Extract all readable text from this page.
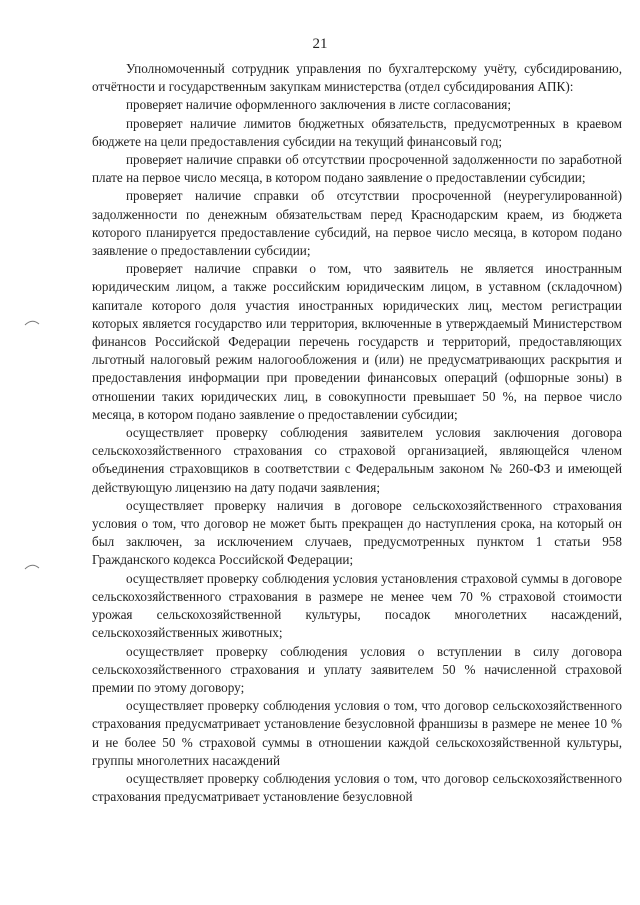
21

Уполномоченный сотрудник управления по бухгалтерскому учёту, субсидированию, отчётности и государственным закупкам министерства (отдел субсидирования АПК):

проверяет наличие оформленного заключения в листе согласования;

проверяет наличие лимитов бюджетных обязательств, предусмотренных в краевом бюджете на цели предоставления субсидии на текущий финансовый год;

проверяет наличие справки об отсутствии просроченной задолженности по заработной плате на первое число месяца, в котором подано заявление о предоставлении субсидии;

проверяет наличие справки об отсутствии просроченной (неурегулированной) задолженности по денежным обязательствам перед Краснодарским краем, из бюджета которого планируется предоставление субсидий, на первое число месяца, в котором подано заявление о предоставлении субсидии;

проверяет наличие справки о том, что заявитель не является иностранным юридическим лицом, а также российским юридическим лицом, в уставном (складочном) капитале которого доля участия иностранных юридических лиц, местом регистрации которых является государство или территория, включенные в утверждаемый Министерством финансов Российской Федерации перечень государств и территорий, предоставляющих льготный налоговый режим налогообложения и (или) не предусматривающих раскрытия и предоставления информации при проведении финансовых операций (офшорные зоны) в отношении таких юридических лиц, в совокупности превышает 50 %, на первое число месяца, в котором подано заявление о предоставлении субсидии;

осуществляет проверку соблюдения заявителем условия заключения договора сельскохозяйственного страхования со страховой организацией, являющейся членом объединения страховщиков в соответствии с Федеральным законом № 260-ФЗ и имеющей действующую лицензию на дату подачи заявления;

осуществляет проверку наличия в договоре сельскохозяйственного страхования условия о том, что договор не может быть прекращен до наступления срока, на который он был заключен, за исключением случаев, предусмотренных пунктом 1 статьи 958 Гражданского кодекса Российской Федерации;

осуществляет проверку соблюдения условия установления страховой суммы в договоре сельскохозяйственного страхования в размере не менее чем 70 % страховой стоимости урожая сельскохозяйственной культуры, посадок многолетних насаждений, сельскохозяйственных животных;

осуществляет проверку соблюдения условия о вступлении в силу договора сельскохозяйственного страхования и уплату заявителем 50 % начисленной страховой премии по этому договору;

осуществляет проверку соблюдения условия о том, что договор сельскохозяйственного страхования предусматривает установление безусловной франшизы в размере не менее 10 % и не более 50 % страховой суммы в отношении каждой сельскохозяйственной культуры, группы многолетних насаждений

осуществляет проверку соблюдения условия о том, что договор сельскохозяйственного страхования предусматривает установление безусловной
